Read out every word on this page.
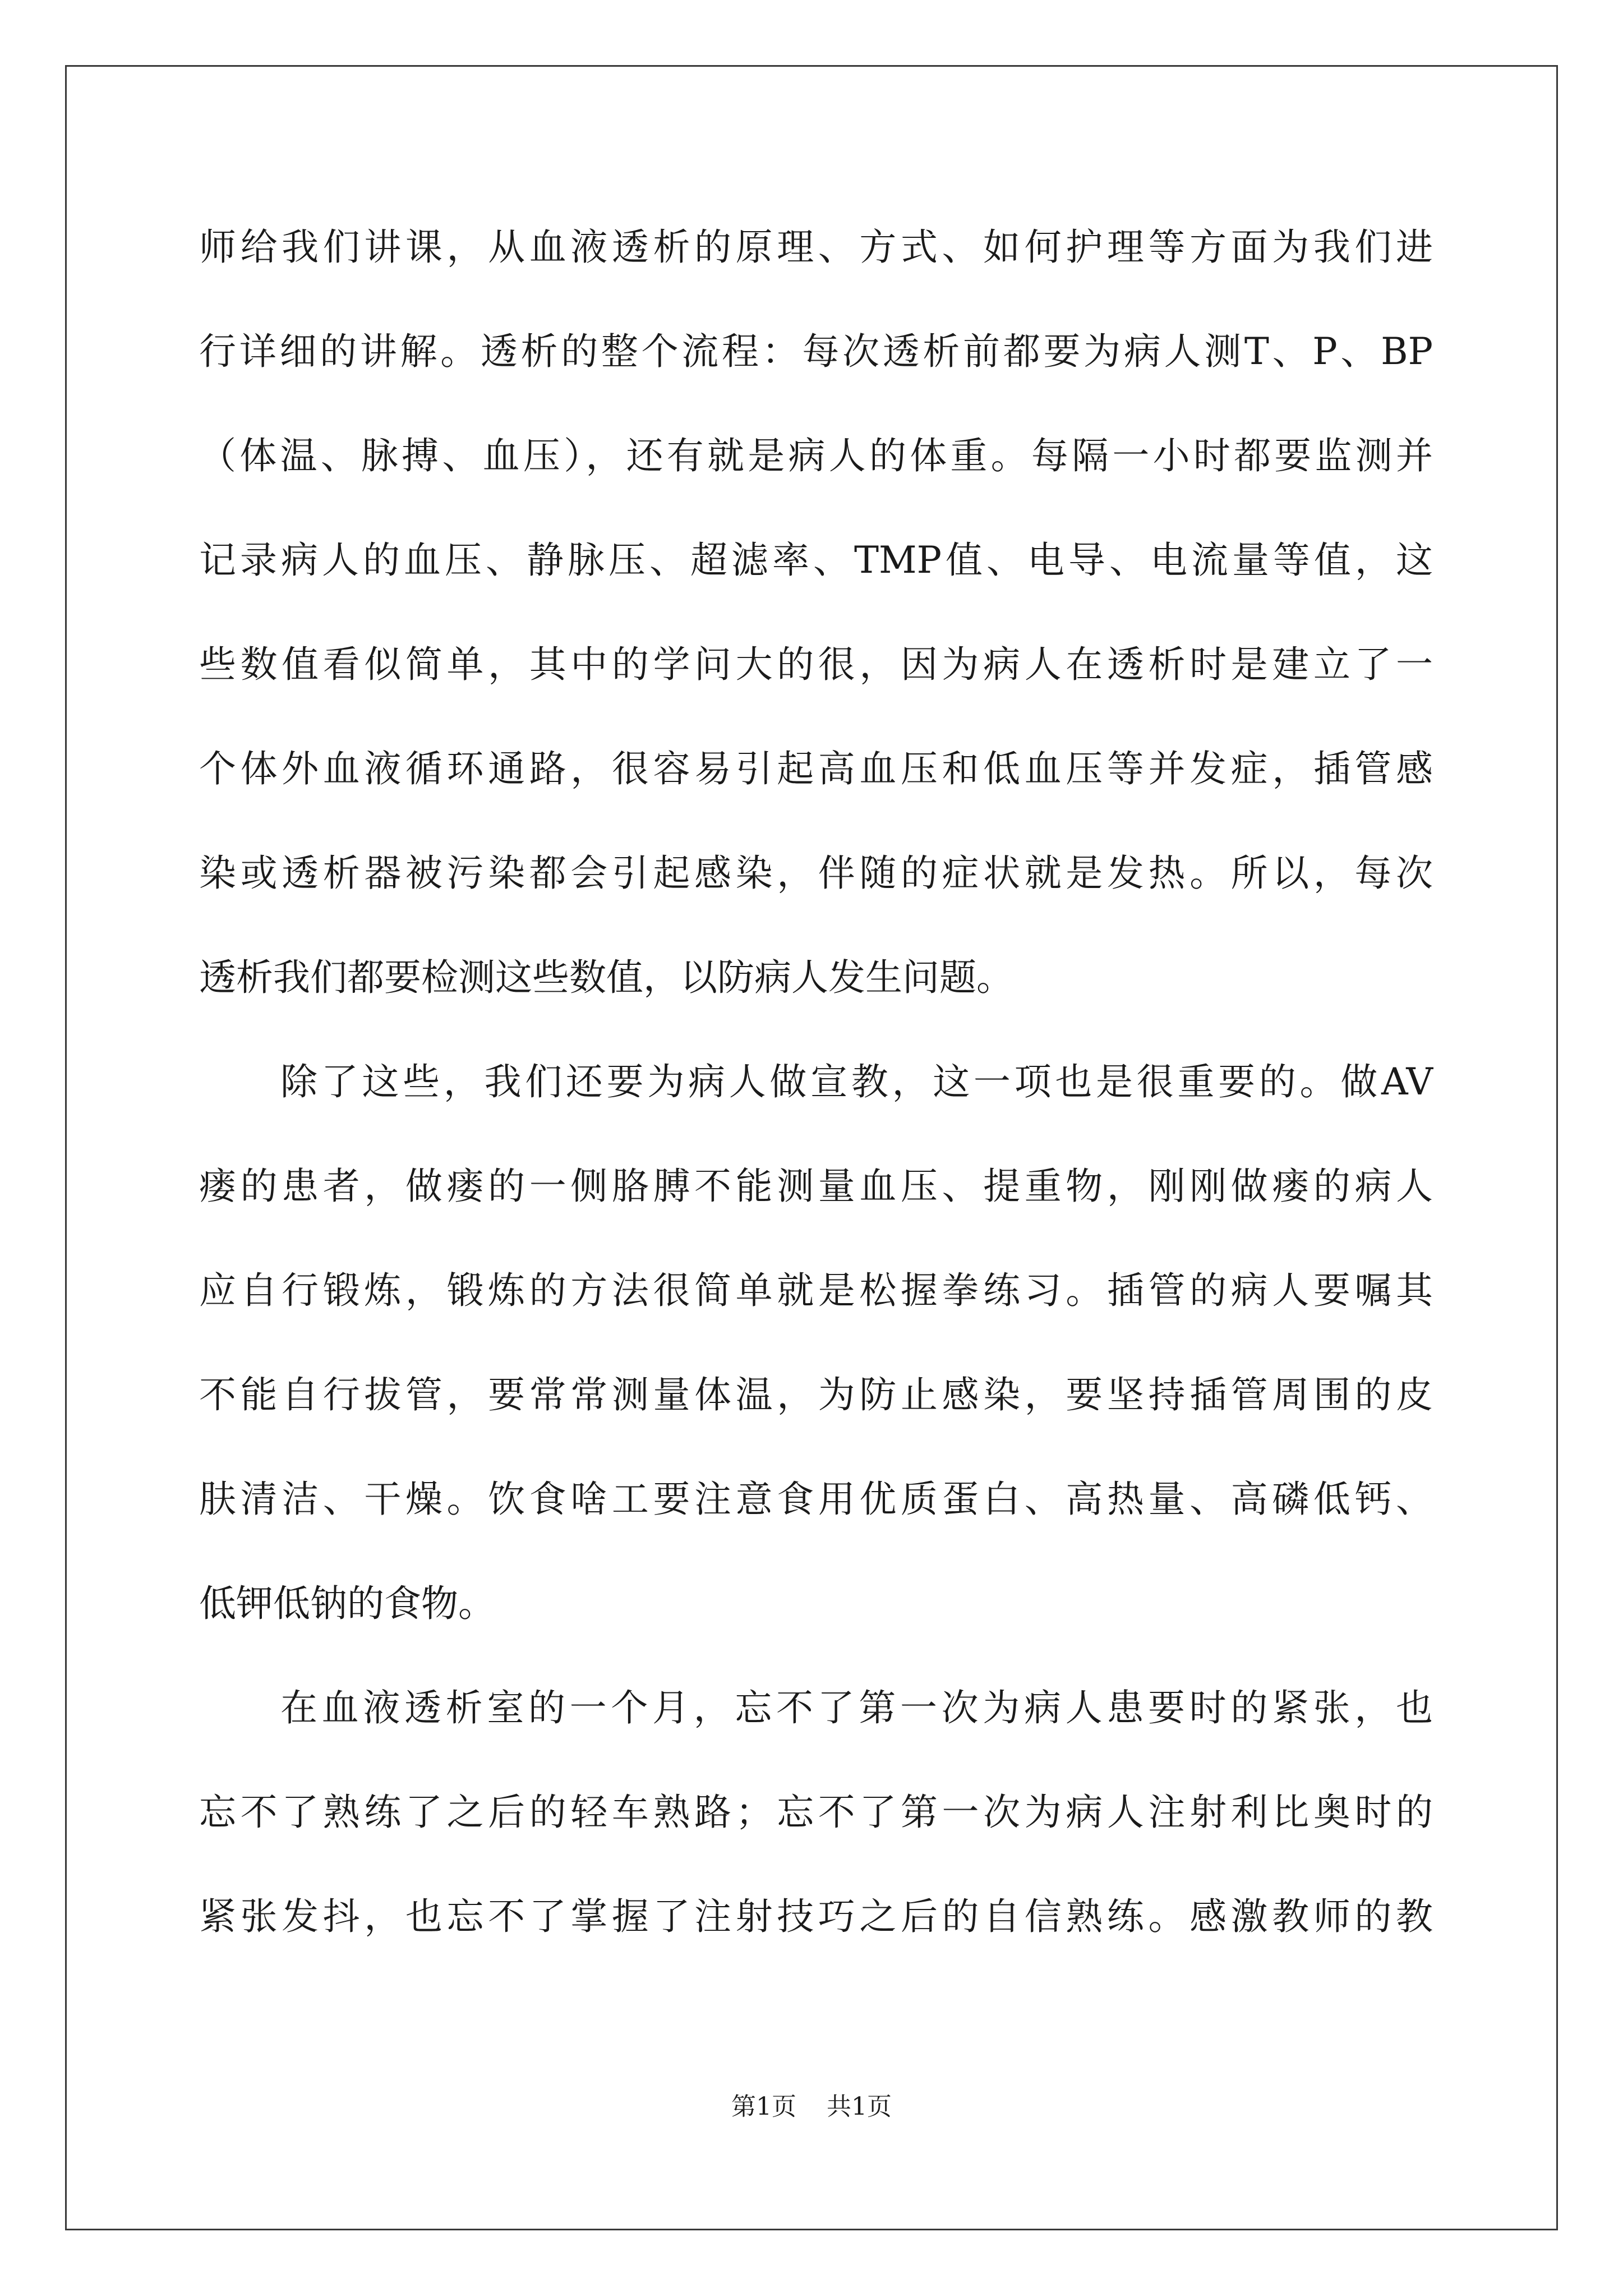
师给我们讲课，从血液透析的原理、方式、如何护理等方面为我们进
行详细的讲解。透析的整个流程：每次透析前都要为病人测T、P、BP
（体温、脉搏、血压），还有就是病人的体重。每隔一小时都要监测并
记录病人的血压、静脉压、超滤率、TMP值、电导、电流量等值，这
些数值看似简单，其中的学问大的很，因为病人在透析时是建立了一
个体外血液循环通路，很容易引起高血压和低血压等并发症，插管感
染或透析器被污染都会引起感染，伴随的症状就是发热。所以，每次
透析我们都要检测这些数值，以防病人发生问题。
除了这些，我们还要为病人做宣教，这一项也是很重要的。做AV
瘘的患者，做瘘的一侧胳膊不能测量血压、提重物，刚刚做瘘的病人
应自行锻炼，锻炼的方法很简单就是松握拳练习。插管的病人要嘱其
不能自行拔管，要常常测量体温，为防止感染，要坚持插管周围的皮
肤清洁、干燥。饮食啥工要注意食用优质蛋白、高热量、高磷低钙、
低钾低钠的食物。
在血液透析室的一个月，忘不了第一次为病人患要时的紧张，也
忘不了熟练了之后的轻车熟路；忘不了第一次为病人注射利比奥时的
紧张发抖，也忘不了掌握了注射技巧之后的自信熟练。感激教师的教
第1页 共1页
